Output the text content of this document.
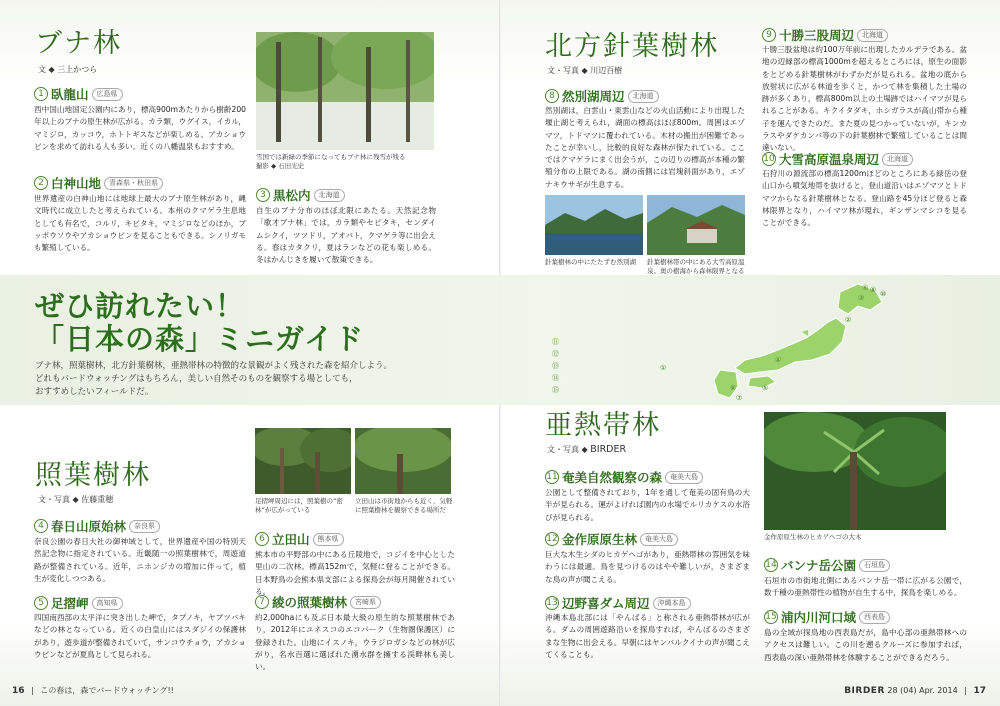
ブナ林
文 ◆ 三上かつら
1 臥龍山	広島県
西中国山地国定公園内にあり，標高900mあたりから樹齢200年以上のブナの原生林が広がる。カラ類，ウグイス，イカル，マミジロ，カッコウ，ホトトギスなどが楽しめる。アカショウビンを求めて訪れる人も多い。近くの八幡温泉もおすすめ。
2 白神山地	青森県・秋田県
世界遺産の白神山地には地球上最大のブナ原生林があり，縄文時代に成立したと考えられている。本州のクマゲラ生息地としても有名で，コルリ，キビタキ，マミジロなどのほか，ブッポウソウやアカショウビンを見ることもできる。シノリガモも繁殖している。
雪国では新緑の季節になってもブナ林に残雪が残る
撮影 ◆ 石田光史
3 黒松内	北海道
自生のブナ分布のほぼ北限にあたる。天然記念物「歌才ブナ林」では，カラ類やセピタキ，センダイムシクイ，ツツドリ，アオバト，クマゲラ等に出会える。春はカタクリ，夏はランなどの花も楽しめる。冬はかんじきを履いて散策できる。
北方針葉樹林
文・写真 ◆ 川辺百樹
8 然別湖周辺	北海道
然別湖は，白雲山・東雲山などの火山活動により出現した堰止湖と考えられ，湖面の標高はほぼ800m。周囲はエゾマツ，トドマツに覆われている。木材の搬出が困難であったことが幸いし，比較的良好な森林が保たれている。ここではクマゲラにまく出会うが，この辺りの標高が本種の繁殖分布の上限である。湖の南側には岩塊斜面があり，エゾナキウサギが生息する。
針葉樹林の中にたたずむ然別湖	針葉樹林帯の中にある大雪高原温泉。奥の樹海から森林限界となる
9 十勝三股周辺	北海道
十勝三股盆地は約100万年前に出現したカルデラである。盆地の辺縁部の標高1000mを超えるところには，原生の面影をとどめる針葉樹林がわずかだが見られる。盆地の底から放射状に広がる林道を歩くと，かつて林を集積した土場の跡が多くあり，標高800m以上の土場跡ではハイマツが見られることがある。キクイタダキ，ホシガラスが高山帯から種子を運んできたのだ。また夏の見つかっていないが，キンカラスやダケカンバ等の下の針葉樹林で繁殖していることは間違いない。
10 大雪高原温泉周辺	北海道
石狩川の源流部の標高1200mほどのところにある緑岳の登山口から噴気地帯を抜けると，登山道沿いはエゾマツとトドマツからなる針葉樹林となる。登山路を45分ほど登ると森林限界となり，ハイマツ林が現れ，ギンザンマシコを見ることができる。
ぜひ訪れたい！
「日本の森」ミニガイド
ブナ林，照葉樹林，北方針葉樹林，亜熱帯林の特徴的な景観がよく残された森を紹介しよう。
どれもバードウォッチングはもちろん，美しい自然そのものを観察する場としても，
おすすめしたいフィールドだ。
①
②
③
④
⑤
⑥
⑦
⑧
⑨
⑩
⑪
⑫
⑬
⑭
⑮
照葉樹林
文・写真 ◆ 佐藤重穂	足摺岬周辺には，照葉樹の“密林”が広がっている
立田山は市街地からも近く，気軽に照葉樹林を観察できる場所だ
4 春日山原始林	奈良県
奈良公園の春日大社の御神域として，世界遺産や国の特別天然記念物に指定されている。近畿随一の照葉樹林で，周遊道路が整備されている。近年，ニホンジカの増加に伴って，植生が変化しつつある。
5 足摺岬	高知県
四国南西部の太平洋に突き出した岬で，タブノキ，ヤブツバキなどの林となっている。近くの白皇山にはスダジイの保護林があり，遊歩道が整備されていて，サンコウチョウ，アカショウビンなどが夏鳥として見られる。
6 立田山	熊本県
熊本市の平野部の中にある丘陵地で，コジイを中心とした里山の二次林。標高152mで，気軽に登ることができる。日本野鳥の会熊本県支部による探鳥会が毎月開催されている。
7 綾の照葉樹林	宮崎県
約2,000haにも及ぶ日本最大級の原生的な照葉樹林であり，2012年にユネスコのエコパーク（生物圏保護区）に登録された。山地にイスノキ，ウラジロガシなどの林が広がり，名水百選に選ばれた湧水群を擁する渓畔林も美しい。
亜熱帯林
文・写真 ◆ BIRDER
11 奄美自然観察の森	奄美大島
公園として整備されており，1年を通して奄美の固有鳥の大半が見られる。運がよければ園内の水場でルリカケスの水浴びが見られる。
12 金作原原生林	奄美大島
巨大な木生シダのヒカゲヘゴがあり，亜熱帯林の雰囲気を味わうには最適。鳥を見つけるのはやや難しいが，さまざまな鳥の声が聞こえる。
13 辺野喜ダム周辺	沖縄本島
沖縄本島北部には「やんばる」と称される亜熱帯林が広がる。ダムの周囲遊路沿いを探鳥すれば，やんばるのさまざまな生物に出会える。早朝にはヤンバルクイナの声が聞こえてくることも。
金作原原生林のヒカゲヘゴの大木
14 バンナ岳公園	石垣島
石垣市の市街地北側にあるバンナ岳一帯に広がる公園で，数千種の亜熱帯性の植物が自生する中，探鳥を楽しめる。
15 浦内川河口域	西表島
島の全域が探鳥地の西表島だが，島中心部の亜熱帯林へのアクセスは難しい。この川を遡るクルーズに参加すれば，西表島の深い亜熱帯林を体験することができるだろう。
16 | この春は，森でバードウォッチング!!	BIRDER 28 (04) Apr. 2014 | 17
